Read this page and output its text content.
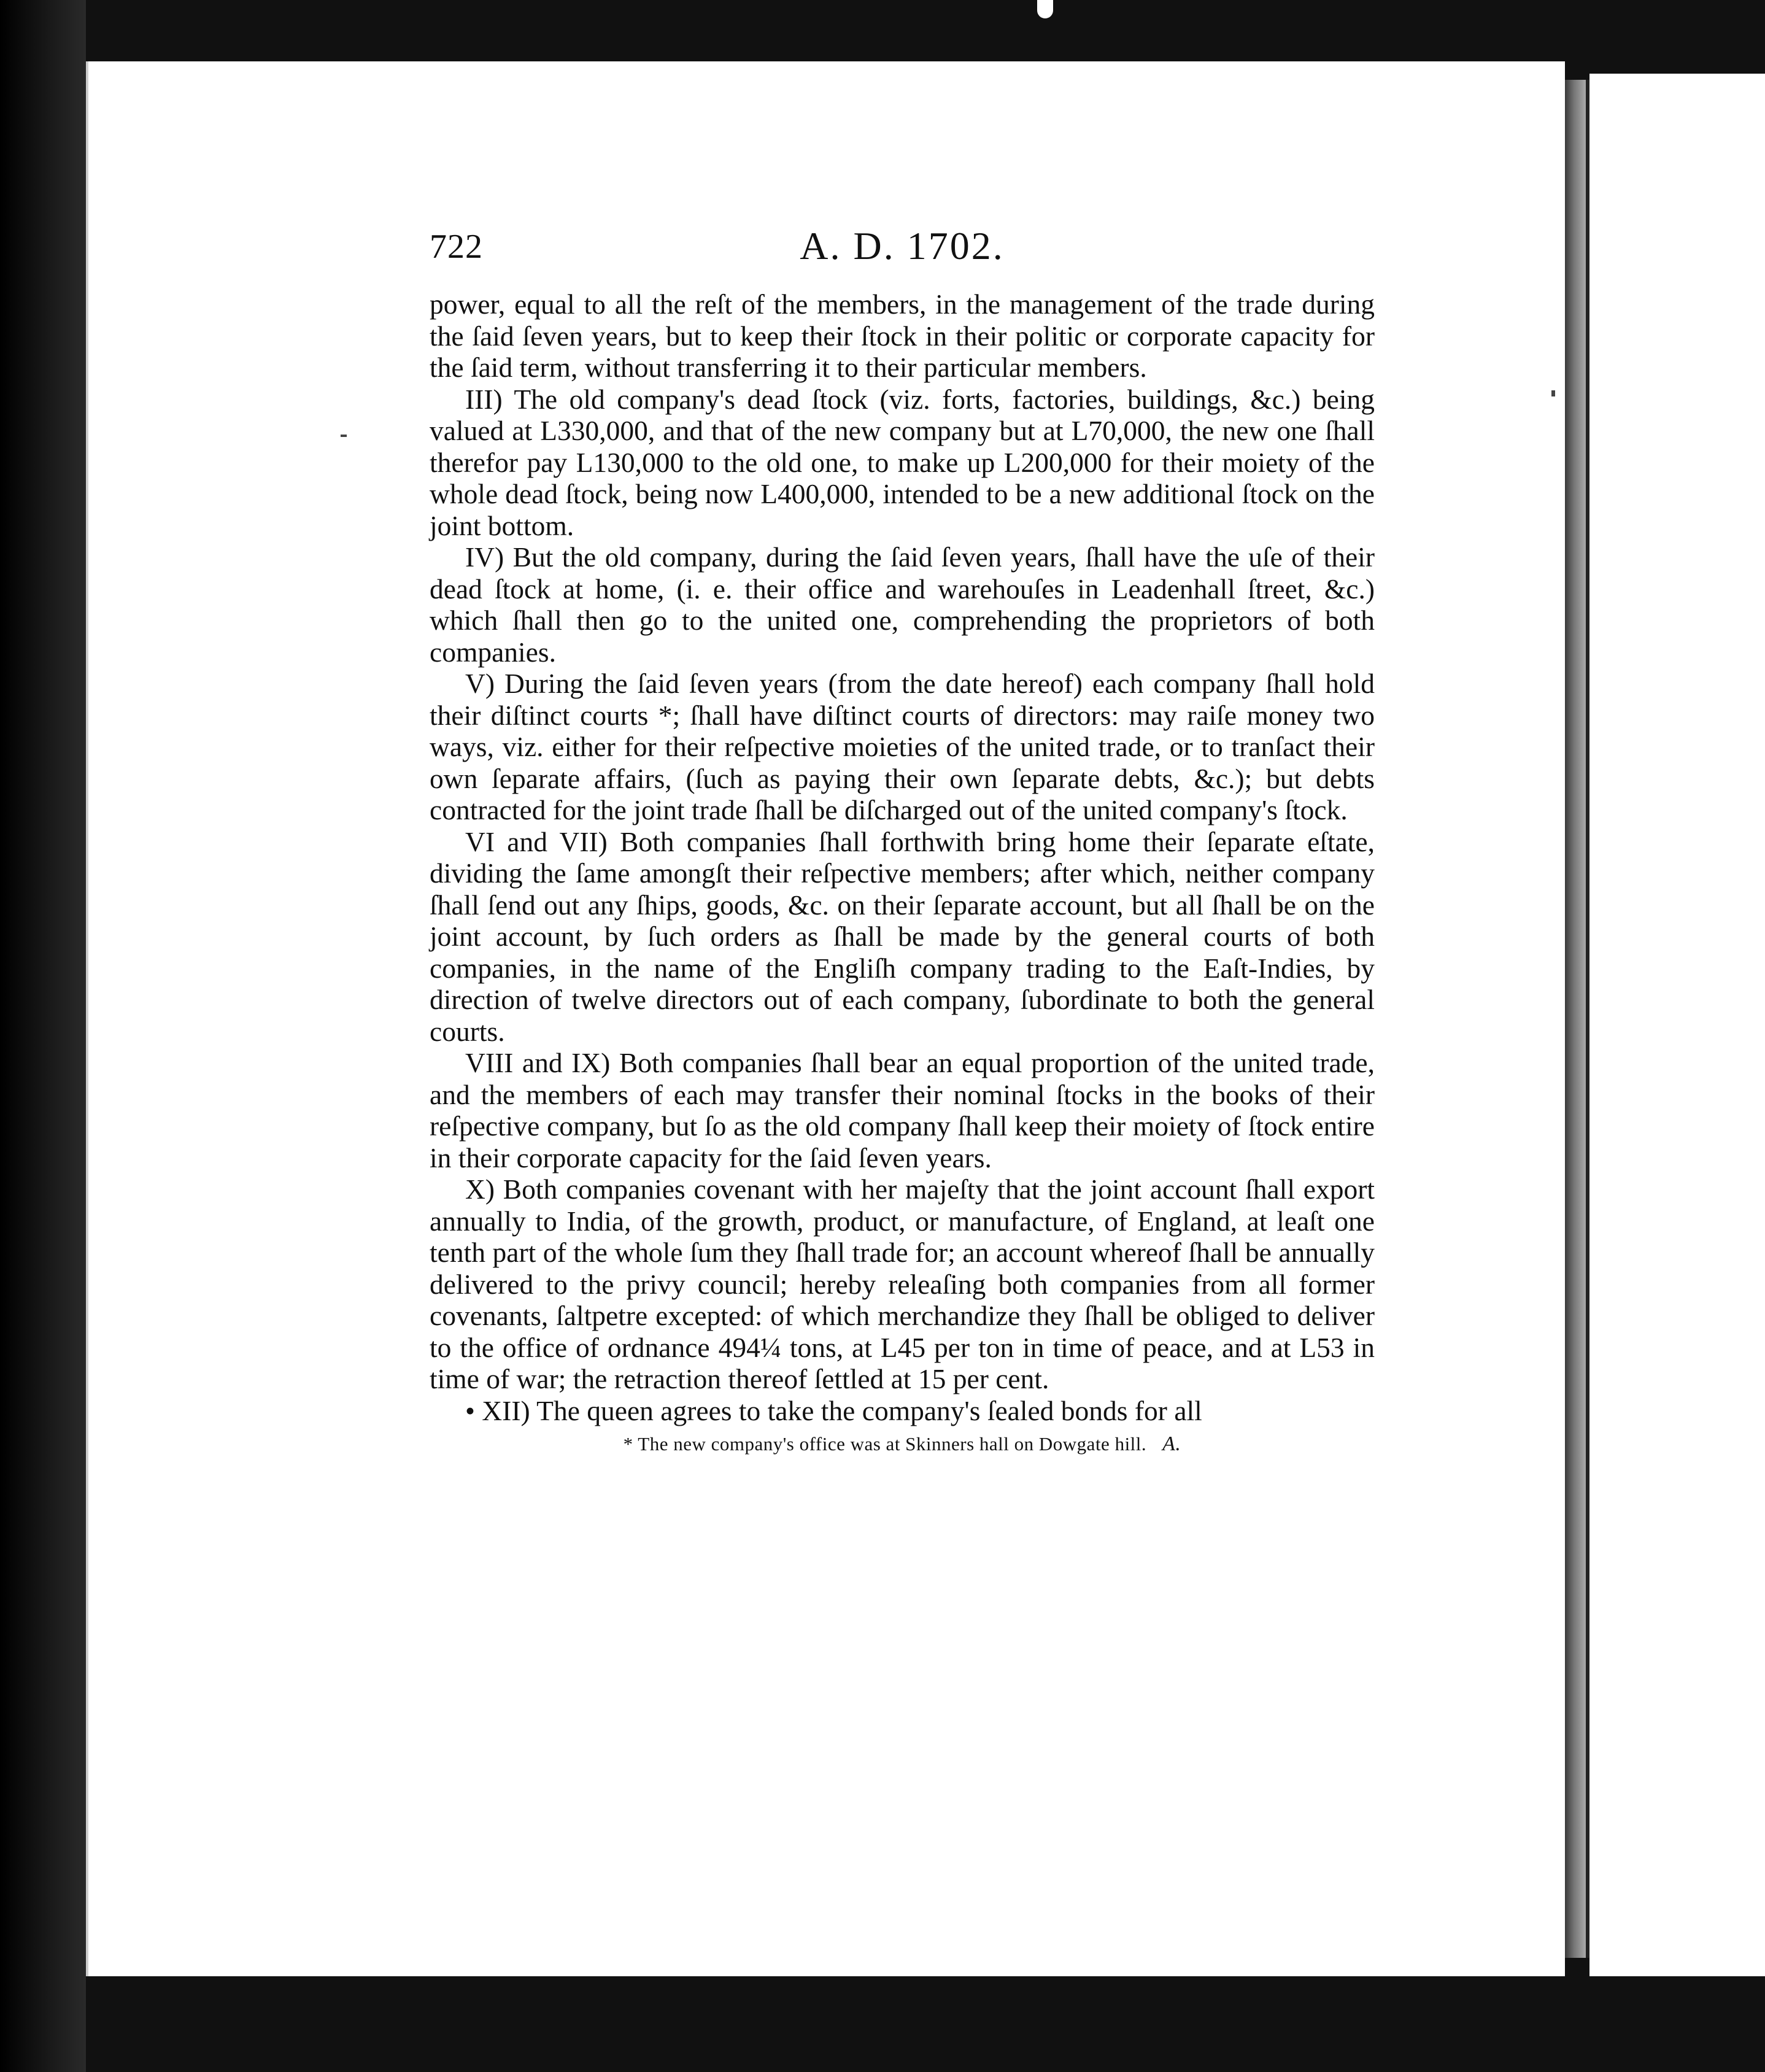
722	A. D. 1702.

power, equal to all the reſt of the members, in the management of the trade during the ſaid ſeven years, but to keep their ſtock in their politic or corporate capacity for the ſaid term, without transferring it to their particular members.

III) The old company's dead ſtock (viz. forts, factories, buildings, &c.) being valued at L330,000, and that of the new company but at L70,000, the new one ſhall therefor pay L130,000 to the old one, to make up L200,000 for their moiety of the whole dead ſtock, being now L400,000, intended to be a new additional ſtock on the joint bottom.

IV) But the old company, during the ſaid ſeven years, ſhall have the uſe of their dead ſtock at home, (i. e. their office and warehouſes in Leadenhall ſtreet, &c.) which ſhall then go to the united one, comprehending the proprietors of both companies.

V) During the ſaid ſeven years (from the date hereof) each company ſhall hold their diſtinct courts *; ſhall have diſtinct courts of directors: may raiſe money two ways, viz. either for their reſpective moieties of the united trade, or to tranſact their own ſeparate affairs, (ſuch as paying their own ſeparate debts, &c.); but debts contracted for the joint trade ſhall be diſcharged out of the united company's ſtock.

VI and VII) Both companies ſhall forthwith bring home their ſeparate eſtate, dividing the ſame amongſt their reſpective members; after which, neither company ſhall ſend out any ſhips, goods, &c. on their ſeparate account, but all ſhall be on the joint account, by ſuch orders as ſhall be made by the general courts of both companies, in the name of the Engliſh company trading to the Eaſt-Indies, by direction of twelve directors out of each company, ſubordinate to both the general courts.

VIII and IX) Both companies ſhall bear an equal proportion of the united trade, and the members of each may transfer their nominal ſtocks in the books of their reſpective company, but ſo as the old company ſhall keep their moiety of ſtock entire in their corporate capacity for the ſaid ſeven years.

X) Both companies covenant with her majeſty that the joint account ſhall export annually to India, of the growth, product, or manufacture, of England, at leaſt one tenth part of the whole ſum they ſhall trade for; an account whereof ſhall be annually delivered to the privy council; hereby releaſing both companies from all former covenants, ſaltpetre excepted: of which merchandize they ſhall be obliged to deliver to the office of ordnance 494¼ tons, at L45 per ton in time of peace, and at L53 in time of war; the retraction thereof ſettled at 15 per cent.

• XII) The queen agrees to take the company's ſealed bonds for all

* The new company's office was at Skinners hall on Dowgate hill. A.
